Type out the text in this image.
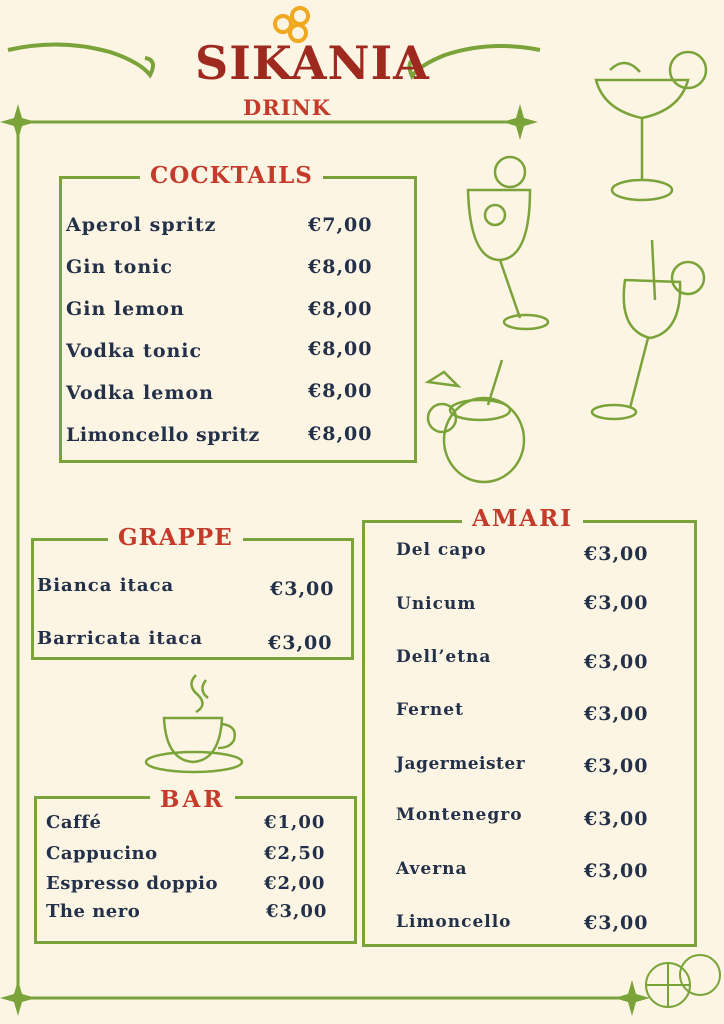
SIKANIA
DRINK
COCKTAILS
Aperol spritz	€7,00
Gin tonic	€8,00
Gin lemon	€8,00
Vodka tonic	€8,00
Vodka lemon	€8,00
Limoncello spritz	€8,00
GRAPPE
Bianca itaca	€3,00
Barricata itaca	€3,00
BAR
Caffé	€1,00
Cappucino	€2,50
Espresso doppio	€2,00
The nero	€3,00
AMARI
Del capo	€3,00
Unicum	€3,00
Dell’etna	€3,00
Fernet	€3,00
Jagermeister	€3,00
Montenegro	€3,00
Averna	€3,00
Limoncello	€3,00
